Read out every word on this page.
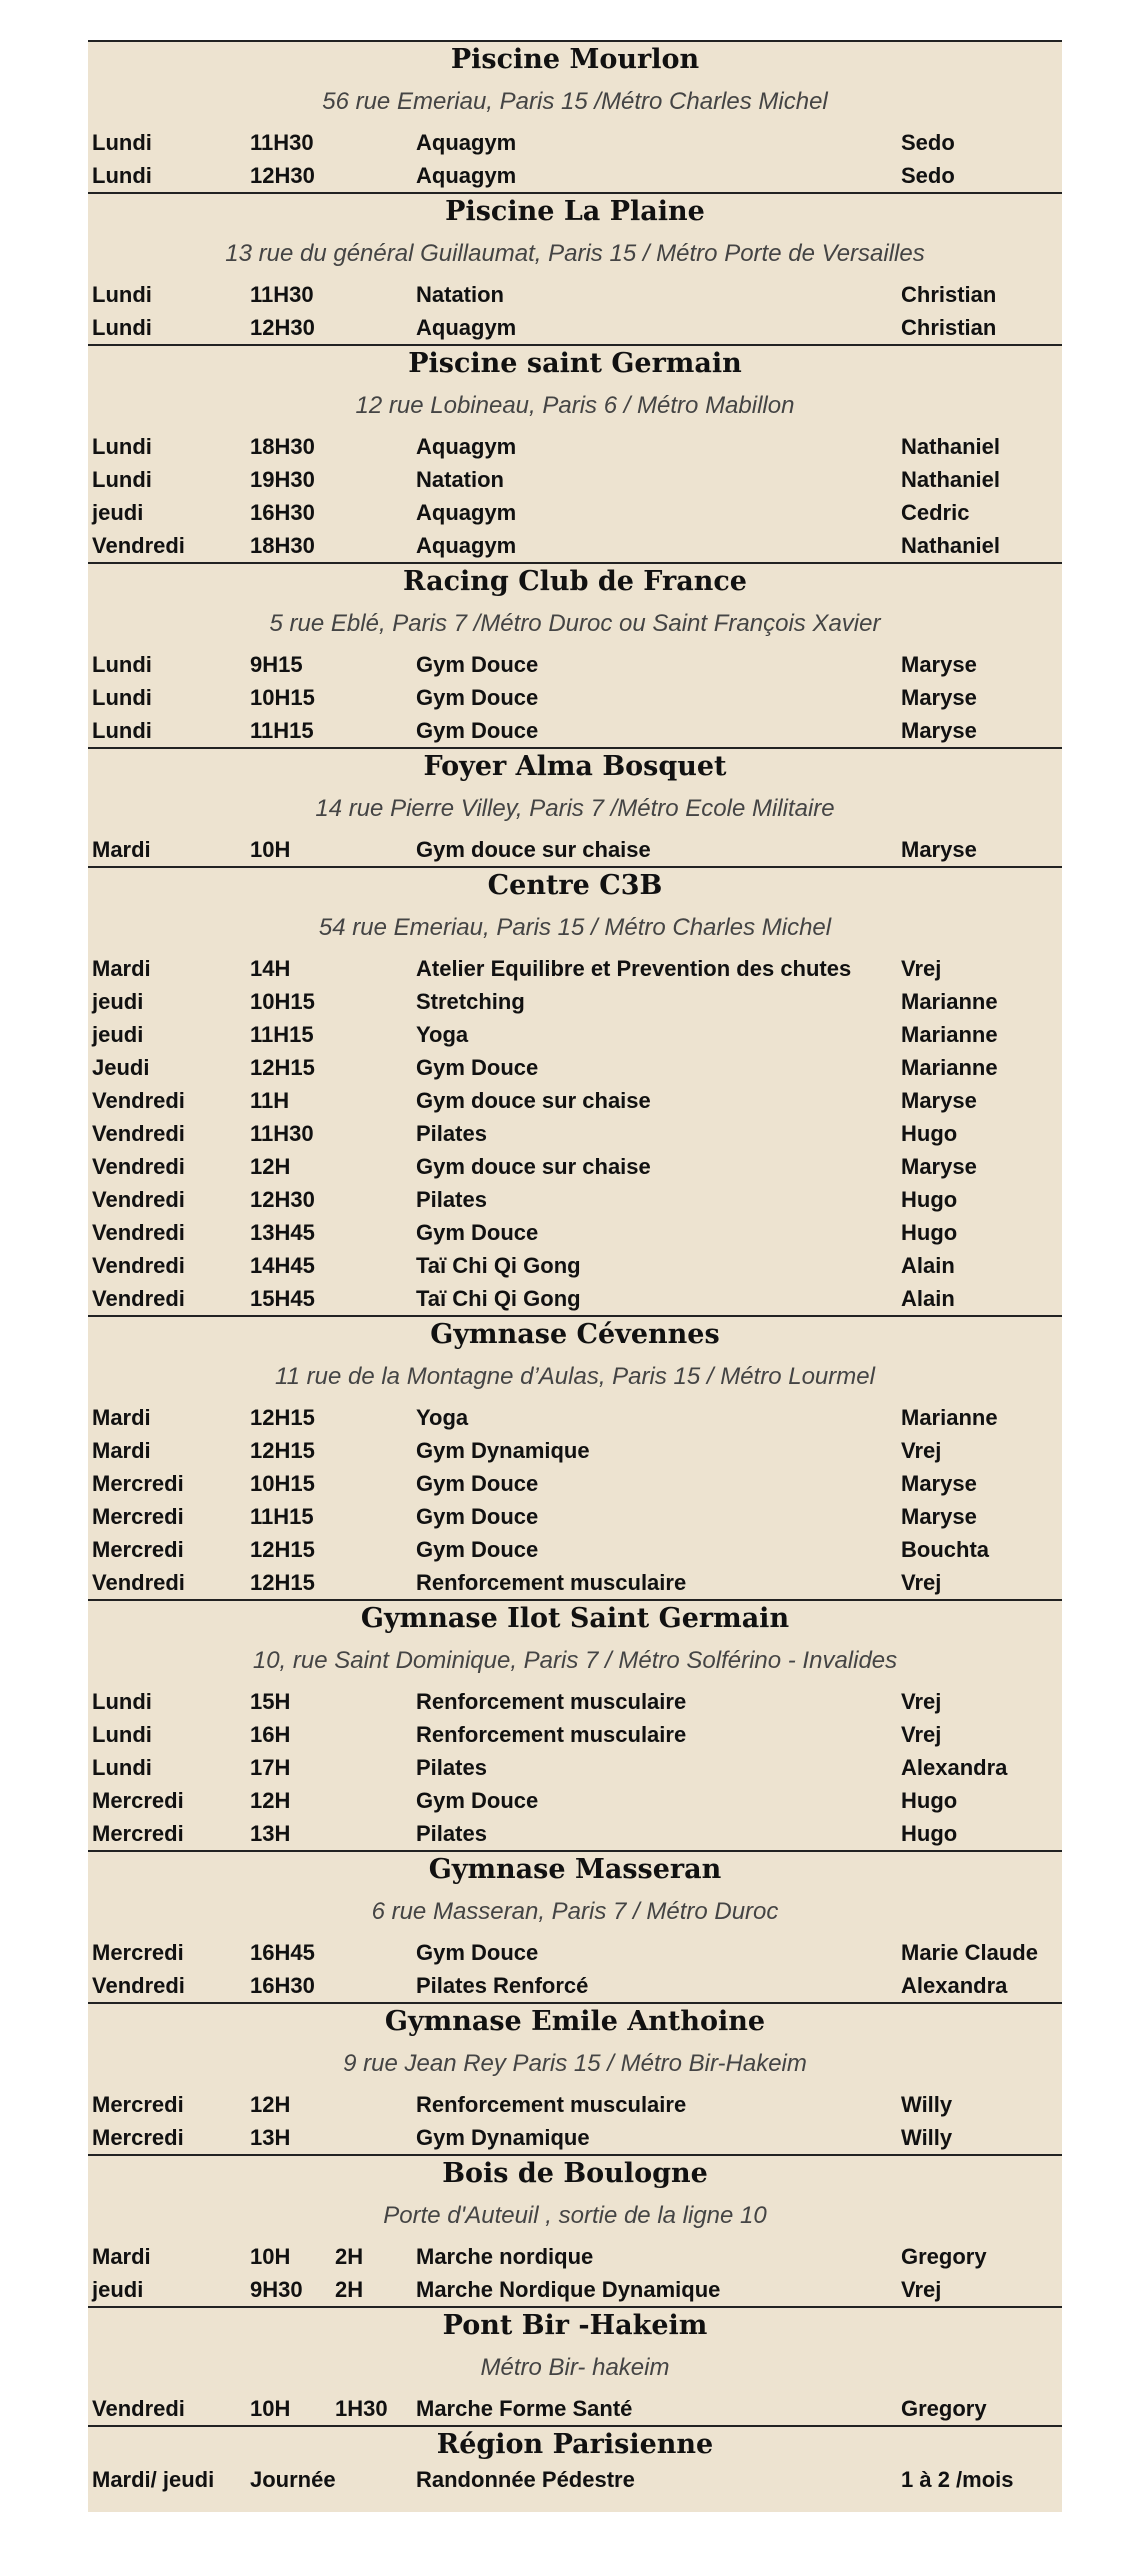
Piscine Mourlon
56 rue Emeriau, Paris 15 /Métro Charles Michel
Lundi	11H30	Aquagym	Sedo
Lundi	12H30	Aquagym	Sedo
Piscine La Plaine
13 rue du général Guillaumat, Paris 15 / Métro Porte de Versailles
Lundi	11H30	Natation	Christian
Lundi	12H30	Aquagym	Christian
Piscine saint Germain
12 rue Lobineau, Paris 6 / Métro Mabillon
Lundi	18H30	Aquagym	Nathaniel
Lundi	19H30	Natation	Nathaniel
jeudi	16H30	Aquagym	Cedric
Vendredi	18H30	Aquagym	Nathaniel
Racing Club de France
5 rue Eblé, Paris 7 /Métro Duroc ou Saint François Xavier
Lundi	9H15	Gym Douce	Maryse
Lundi	10H15	Gym Douce	Maryse
Lundi	11H15	Gym Douce	Maryse
Foyer Alma Bosquet
14 rue Pierre Villey, Paris 7 /Métro Ecole Militaire
Mardi	10H	Gym douce sur chaise	Maryse
Centre C3B
54 rue Emeriau, Paris 15 / Métro Charles Michel
Mardi	14H	Atelier Equilibre et Prevention des chutes	Vrej
jeudi	10H15	Stretching	Marianne
jeudi	11H15	Yoga	Marianne
Jeudi	12H15	Gym Douce	Marianne
Vendredi	11H	Gym douce sur chaise	Maryse
Vendredi	11H30	Pilates	Hugo
Vendredi	12H	Gym douce sur chaise	Maryse
Vendredi	12H30	Pilates	Hugo
Vendredi	13H45	Gym Douce	Hugo
Vendredi	14H45	Taï Chi Qi Gong	Alain
Vendredi	15H45	Taï Chi Qi Gong	Alain
Gymnase Cévennes
11 rue de la Montagne d’Aulas, Paris 15 / Métro Lourmel
Mardi	12H15	Yoga	Marianne
Mardi	12H15	Gym Dynamique	Vrej
Mercredi	10H15	Gym Douce	Maryse
Mercredi	11H15	Gym Douce	Maryse
Mercredi	12H15	Gym Douce	Bouchta
Vendredi	12H15	Renforcement musculaire	Vrej
Gymnase Ilot Saint Germain
10, rue Saint Dominique, Paris 7 / Métro Solférino - Invalides
Lundi	15H	Renforcement musculaire	Vrej
Lundi	16H	Renforcement musculaire	Vrej
Lundi	17H	Pilates	Alexandra
Mercredi	12H	Gym Douce	Hugo
Mercredi	13H	Pilates	Hugo
Gymnase Masseran
6 rue Masseran, Paris 7 / Métro Duroc
Mercredi	16H45	Gym Douce	Marie Claude
Vendredi	16H30	Pilates Renforcé	Alexandra
Gymnase Emile Anthoine
9 rue Jean Rey Paris 15 / Métro Bir-Hakeim
Mercredi	12H	Renforcement musculaire	Willy
Mercredi	13H	Gym Dynamique	Willy
Bois de Boulogne
Porte d'Auteuil , sortie de la ligne 10
Mardi	10H	2H	Marche nordique	Gregory
jeudi	9H30	2H	Marche Nordique Dynamique	Vrej
Pont Bir -Hakeim
Métro Bir- hakeim
Vendredi	10H	1H30	Marche Forme Santé	Gregory
Région Parisienne
Mardi/ jeudi	Journée	Randonnée Pédestre	1 à 2 /mois
